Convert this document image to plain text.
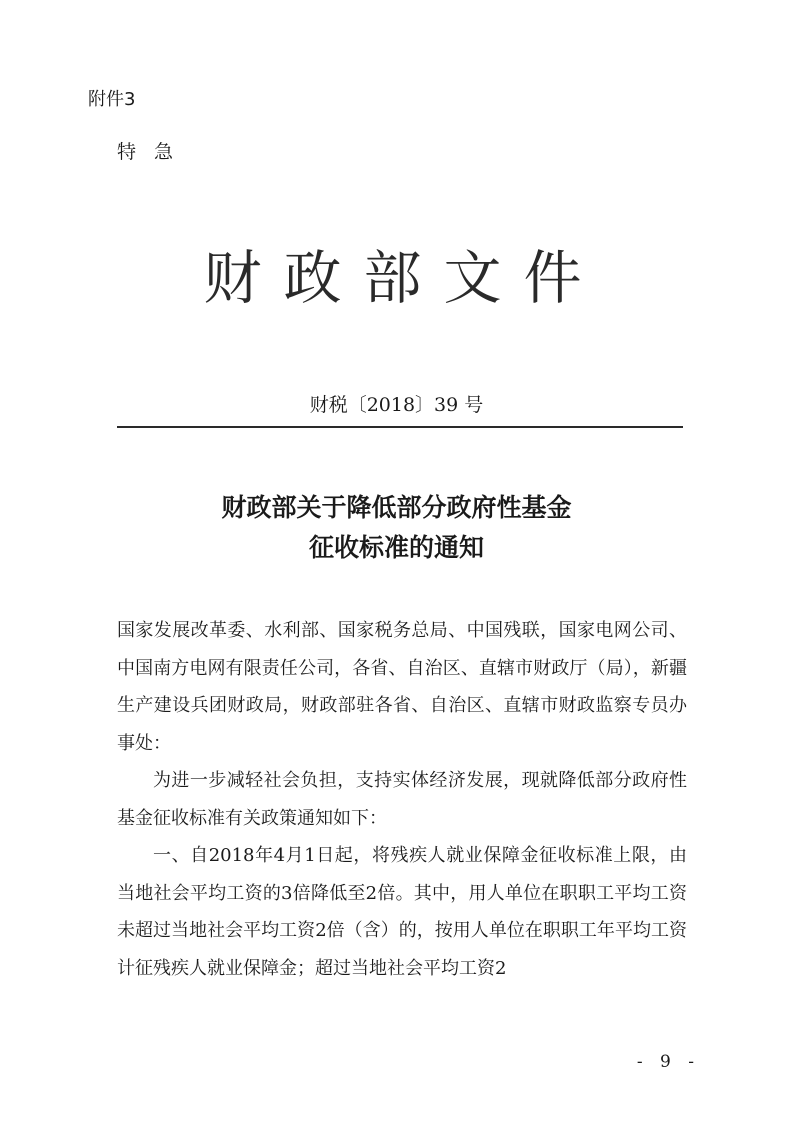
附件3
特急
财政部文件
财税〔2018〕39 号
财政部关于降低部分政府性基金
征收标准的通知

国家发展改革委、水利部、国家税务总局、中国残联，国家电网公司、中国南方电网有限责任公司，各省、自治区、直辖市财政厅（局），新疆生产建设兵团财政局，财政部驻各省、自治区、直辖市财政监察专员办事处：

为进一步减轻社会负担，支持实体经济发展，现就降低部分政府性基金征收标准有关政策通知如下：

一、自2018年4月1日起，将残疾人就业保障金征收标准上限，由当地社会平均工资的3倍降低至2倍。其中，用人单位在职职工平均工资未超过当地社会平均工资2倍（含）的，按用人单位在职职工年平均工资计征残疾人就业保障金；超过当地社会平均工资2

- 9 -
